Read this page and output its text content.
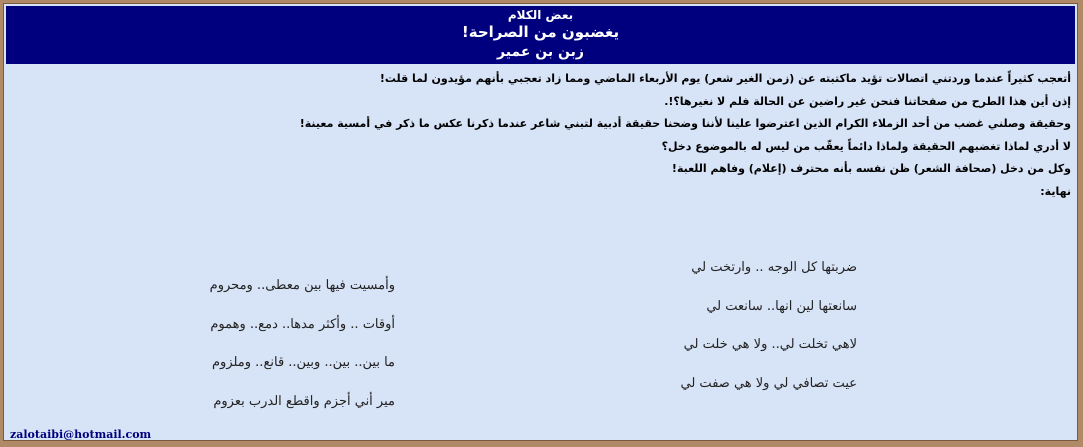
بعض الكلام
يغضبون من الصراحة!
زبن بن عمير

أتعجب كثيراً عندما وردتني اتصالات تؤيد ماكتبته عن (زمن الغير شعر) يوم الأربعاء الماضي ومما زاد تعجبي بأنهم مؤيدون لما قلت!

إذن أين هذا الطرح من صفحاتنا فنحن غير راضين عن الحالة فلم لا نغيرها؟!.

وحقيقة وصلني غضب من أحد الزملاء الكرام الذين اعترضوا علينا لأننا وضحنا حقيقة أدبية لتبني شاعر عندما ذكرنا عكس ما ذكر في أمسية معينة!

لا أدري لماذا تغضبهم الحقيقة ولماذا دائماً يعقّب من ليس له بالموضوع دخل؟

وكل من دخل (صحافة الشعر) ظن نفسه بأنه محترف (إعلام) وفاهم اللعبة!

نهاية:

ضربتها كل الوجه .. وارتخت لي
سانعتها لين انها.. سانعت لي
لاهي تخلت لي.. ولا هي خلت لي
عيت تصافي لي ولا هي صفت لي
وأمسيت فيها بين معطى.. ومحروم
أوقات .. وأكثر مدها.. دمع.. وهموم
ما بين.. بين.. وبين.. قانع.. وملزوم
مير أني أجزم واقطع الدرب بعزوم
zalotaibi@hotmail.com
